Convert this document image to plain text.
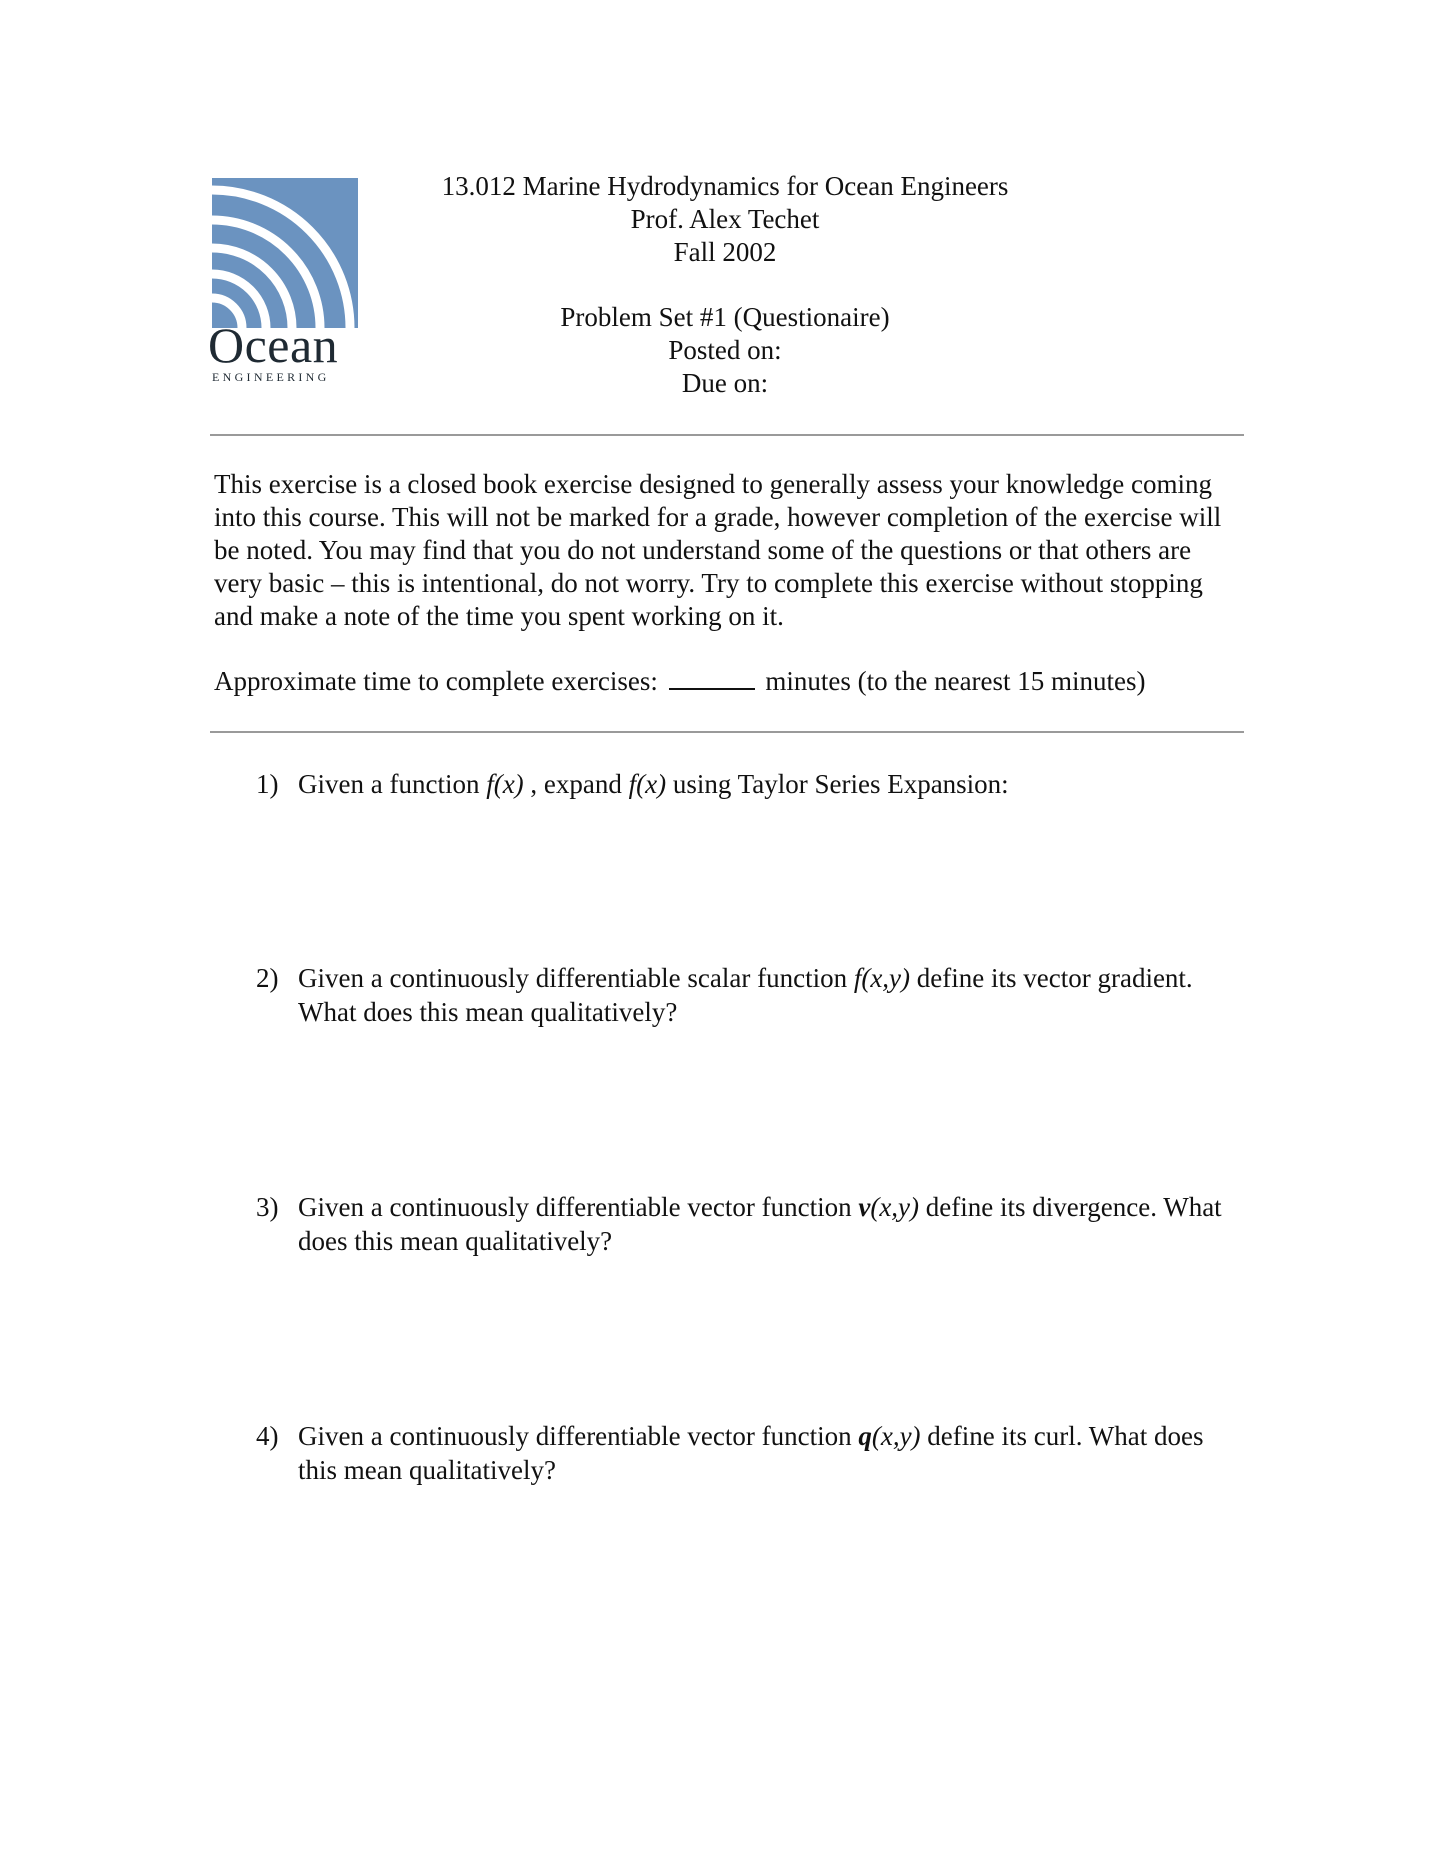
Ocean
ENGINEERING
13.012 Marine Hydrodynamics for Ocean Engineers
Prof. Alex Techet
Fall 2002
Problem Set #1 (Questionaire)
Posted on:
Due on:

This exercise is a closed book exercise designed to generally assess your knowledge coming into this course. This will not be marked for a grade, however completion of the exercise will be noted. You may find that you do not understand some of the questions or that others are very basic – this is intentional, do not worry. Try to complete this exercise without stopping and make a note of the time you spent working on it.

Approximate time to complete exercises:	minutes (to the nearest 15 minutes)
1) Given a function f(x) , expand f(x) using Taylor Series Expansion:
2) Given a continuously differentiable scalar function f(x,y) define its vector gradient. What does this mean qualitatively?
3) Given a continuously differentiable vector function v(x,y) define its divergence. What does this mean qualitatively?
4) Given a continuously differentiable vector function q(x,y) define its curl. What does this mean qualitatively?
